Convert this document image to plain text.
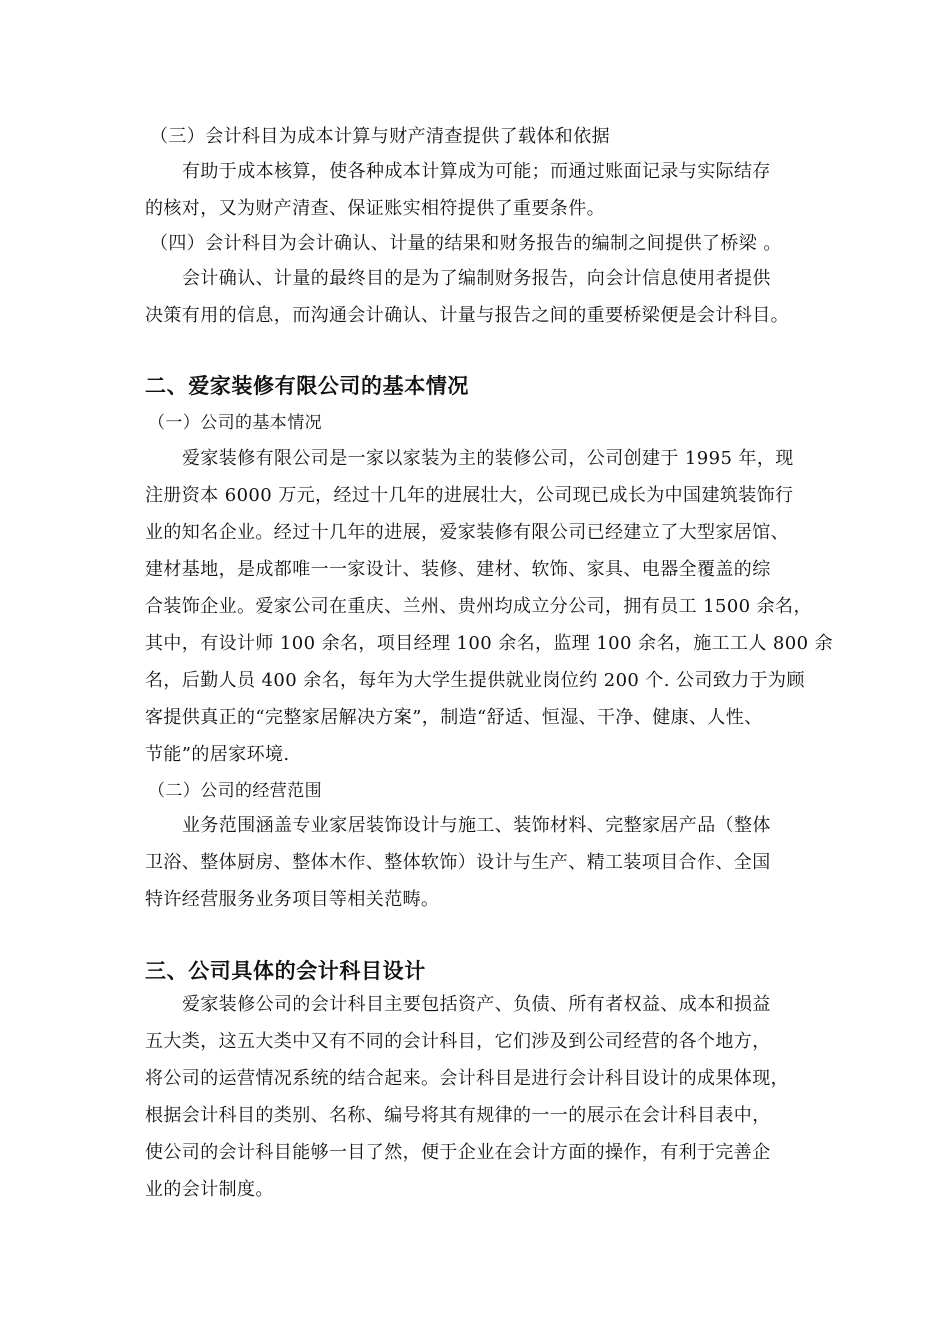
（三）会计科目为成本计算与财产清查提供了载体和依据
有助于成本核算，使各种成本计算成为可能；而通过账面记录与实际结存
的核对，又为财产清查、保证账实相符提供了重要条件。
（四）会计科目为会计确认、计量的结果和财务报告的编制之间提供了桥梁 。
会计确认、计量的最终目的是为了编制财务报告，向会计信息使用者提供
决策有用的信息，而沟通会计确认、计量与报告之间的重要桥梁便是会计科目。
二、爱家装修有限公司的基本情况
（一）公司的基本情况
爱家装修有限公司是一家以家装为主的装修公司，公司创建于 1995 年，现
注册资本 6000 万元，经过十几年的进展壮大，公司现已成长为中国建筑装饰行
业的知名企业。经过十几年的进展，爱家装修有限公司已经建立了大型家居馆、
建材基地，是成都唯一一家设计、装修、建材、软饰、家具、电器全覆盖的综
合装饰企业。爱家公司在重庆、兰州、贵州均成立分公司，拥有员工 1500 余名，
其中，有设计师 100 余名，项目经理 100 余名，监理 100 余名，施工工人 800 余
名，后勤人员 400 余名，每年为大学生提供就业岗位约 200 个. 公司致力于为顾
客提供真正的“完整家居解决方案”，制造“舒适、恒湿、干净、健康、人性、
节能”的居家环境.
（二）公司的经营范围
业务范围涵盖专业家居装饰设计与施工、装饰材料、完整家居产品（整体
卫浴、整体厨房、整体木作、整体软饰）设计与生产、精工装项目合作、全国
特许经营服务业务项目等相关范畴。
三、公司具体的会计科目设计
爱家装修公司的会计科目主要包括资产、负债、所有者权益、成本和损益
五大类，这五大类中又有不同的会计科目，它们涉及到公司经营的各个地方，
将公司的运营情况系统的结合起来。会计科目是进行会计科目设计的成果体现，
根据会计科目的类别、名称、编号将其有规律的一一的展示在会计科目表中，
使公司的会计科目能够一目了然，便于企业在会计方面的操作，有利于完善企
业的会计制度。
